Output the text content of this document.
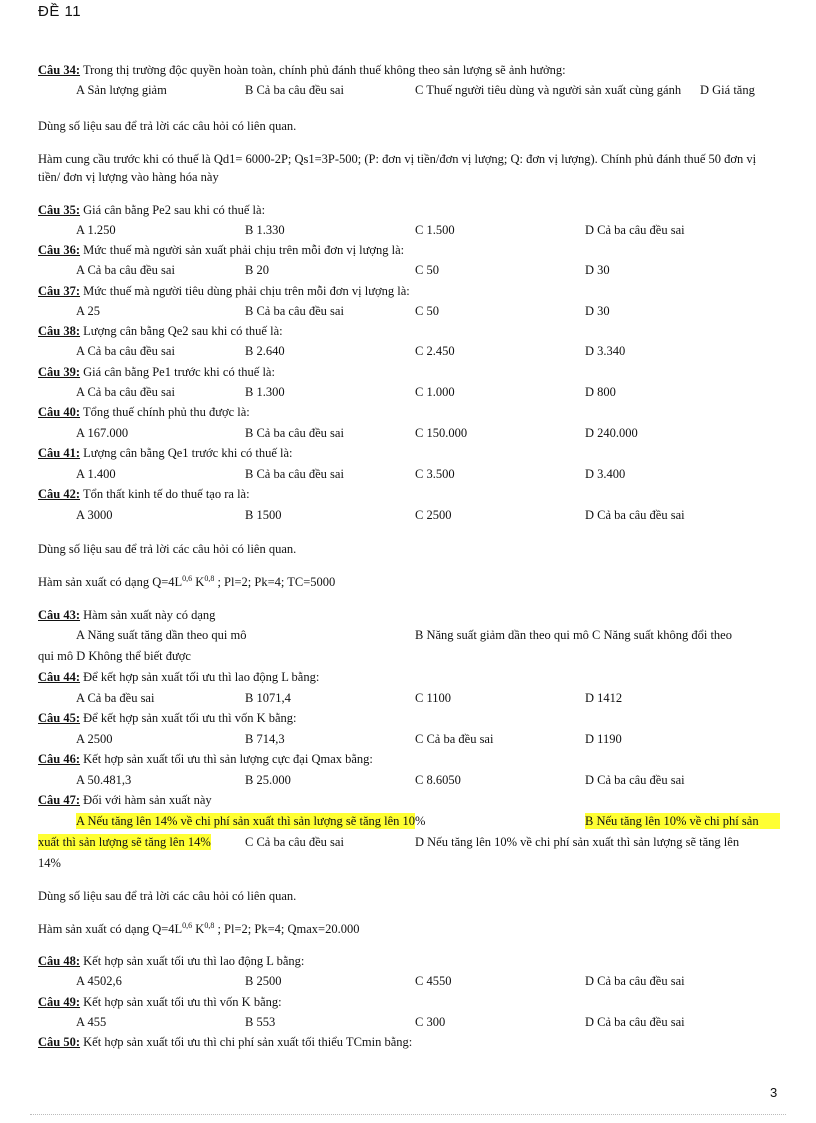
ĐỀ 11
Câu 34: Trong thị trường độc quyền hoàn toàn, chính phủ đánh thuế không theo sản lượng sẽ ảnh hưởng:
A Sản lượng giảm	B Cả ba câu đều sai	C Thuế người tiêu dùng và người sản xuất cùng gánh D Giá tăng
Dùng số liệu sau để trả lời các câu hỏi có liên quan.
Hàm cung cầu trước khi có thuế là Qd1= 6000-2P; Qs1=3P-500; (P: đơn vị tiền/đơn vị lượng; Q: đơn vị lượng). Chính phủ đánh thuế 50 đơn vị tiền/ đơn vị lượng vào hàng hóa này
Câu 35: Giá cân bằng Pe2 sau khi có thuế là:
A 1.250	B 1.330	C 1.500	D Cả ba câu đều sai
Câu 36: Mức thuế mà người sản xuất phải chịu trên mỗi đơn vị lượng là:
A Cả ba câu đều sai	B 20	C 50	D 30
Câu 37: Mức thuế mà người tiêu dùng phải chịu trên mỗi đơn vị lượng là:
A 25	B Cả ba câu đều sai	C 50	D 30
Câu 38: Lượng cân bằng Qe2 sau khi có thuế là:
A Cả ba câu đều sai	B 2.640	C 2.450	D 3.340
Câu 39: Giá cân bằng Pe1 trước khi có thuế là:
A Cả ba câu đều sai	B 1.300	C 1.000	D 800
Câu 40: Tổng thuế chính phủ thu được là:
A 167.000	B Cả ba câu đều sai	C 150.000	D 240.000
Câu 41: Lượng cân bằng Qe1 trước khi có thuế là:
A 1.400	B Cả ba câu đều sai	C 3.500	D 3.400
Câu 42: Tổn thất kinh tế do thuế tạo ra là:
A 3000	B 1500	C 2500	D Cả ba câu đều sai
Dùng số liệu sau để trả lời các câu hỏi có liên quan.
Hàm sản xuất có dạng $Q=4L^{0,6}$ K$^{0,8}$ ; Pl=2; Pk=4; TC=5000
Câu 43: Hàm sản xuất này có dạng
A Năng suất tăng dần theo qui mô	B Năng suất giảm dần theo qui mô C Năng suất không đổi theo
qui mô D Không thể biết được
Câu 44: Để kết hợp sản xuất tối ưu thì lao động L bằng:
A Cả ba đều sai	B 1071,4	C 1100	D 1412
Câu 45: Để kết hợp sản xuất tối ưu thì vốn K bằng:
A 2500	B 714,3	C Cả ba đều sai	D 1190
Câu 46: Kết hợp sản xuất tối ưu thì sản lượng cực đại Qmax bằng:
A 50.481,3	B 25.000	C 8.6050	D Cả ba câu đều sai
Câu 47: Đối với hàm sản xuất này
A Nếu tăng lên 14% về chi phí sản xuất thì sản lượng sẽ tăng lên 10%	B Nếu tăng lên 10% về chi phí sản
xuất thì sản lượng sẽ tăng lên 14%	C Cả ba câu đều sai	D Nếu tăng lên 10% về chi phí sản xuất thì sản lượng sẽ tăng lên
14%
Dùng số liệu sau để trả lời các câu hỏi có liên quan.
Hàm sản xuất có dạng $Q=4L^{0,6}$ K$^{0,8}$ ; Pl=2; Pk=4; Qmax=20.000
Câu 48: Kết hợp sản xuất tối ưu thì lao động L bằng:
A 4502,6	B 2500	C 4550	D Cả ba câu đều sai
Câu 49: Kết hợp sản xuất tối ưu thì vốn K bằng:
A 455	B 553	C 300	D Cả ba câu đều sai
Câu 50: Kết hợp sản xuất tối ưu thì chi phí sản xuất tối thiểu TCmin bằng:
3
